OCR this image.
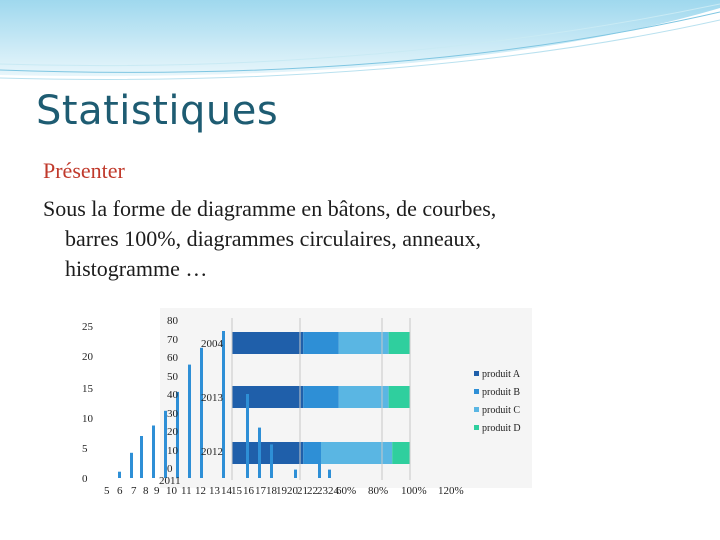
Statistiques
Présenter
Sous la forme de diagramme en bâtons, de courbes,
barres 100%, diagrammes circulaires, anneaux,
histogramme …
25
20
15
10
5
0
80
70
60
50
40
30
20
10
0
2004
2013
2012
2011
5 6 7 8 9 10 11 12 13 14 15 16 17 18 19 20 21 22 23 24
60% 80% 100% 120%
produit A
produit B
produit C
produit D
